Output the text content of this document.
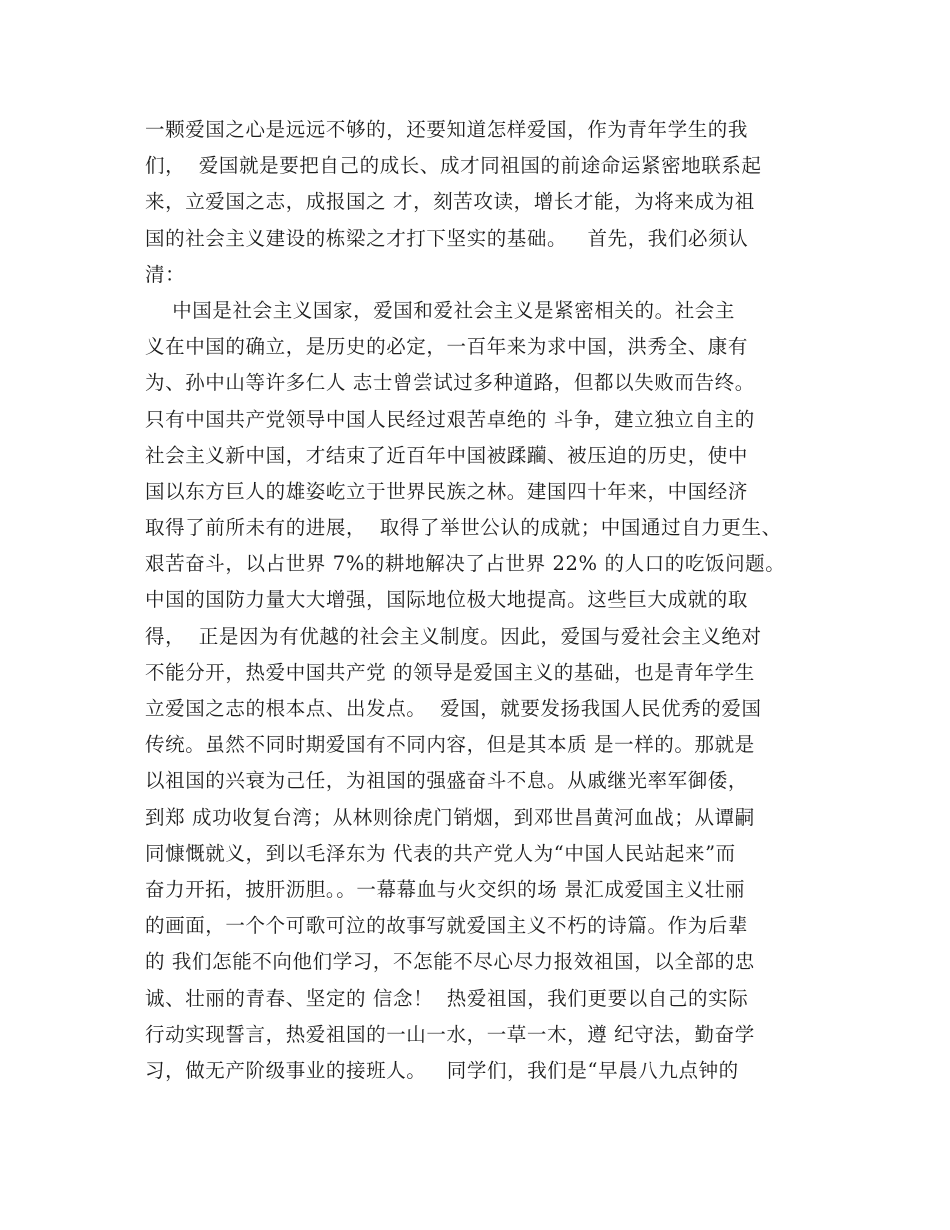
一颗爱国之心是远远不够的，还要知道怎样爱国，作为青年学生的我
们，  爱国就是要把自己的成长、成才同祖国的前途命运紧密地联系起
来，立爱国之志，成报国之 才，刻苦攻读，增长才能，为将来成为祖
国的社会主义建设的栋梁之才打下坚实的基础。   首先，我们必须认
清：
中国是社会主义国家，爱国和爱社会主义是紧密相关的。社会主
义在中国的确立，是历史的必定，一百年来为求中国，洪秀全、康有
为、孙中山等许多仁人 志士曾尝试过多种道路，但都以失败而告终。
只有中国共产党领导中国人民经过艰苦卓绝的 斗争，建立独立自主的
社会主义新中国，才结束了近百年中国被蹂躏、被压迫的历史，使中
国以东方巨人的雄姿屹立于世界民族之林。建国四十年来，中国经济
取得了前所未有的进展，  取得了举世公认的成就；中国通过自力更生、
艰苦奋斗，以占世界 7%的耕地解决了占世界 22% 的人口的吃饭问题。
中国的国防力量大大增强，国际地位极大地提高。这些巨大成就的取
得，  正是因为有优越的社会主义制度。因此，爱国与爱社会主义绝对
不能分开，热爱中国共产党 的领导是爱国主义的基础，也是青年学生
立爱国之志的根本点、出发点。  爱国，就要发扬我国人民优秀的爱国
传统。虽然不同时期爱国有不同内容，但是其本质 是一样的。那就是
以祖国的兴衰为己任，为祖国的强盛奋斗不息。从戚继光率军御倭，
到郑 成功收复台湾；从林则徐虎门销烟，到邓世昌黄河血战；从谭嗣
同慷慨就义，到以毛泽东为 代表的共产党人为“中国人民站起来”而
奋力开拓，披肝沥胆。。一幕幕血与火交织的场 景汇成爱国主义壮丽
的画面，一个个可歌可泣的故事写就爱国主义不朽的诗篇。作为后辈
的 我们怎能不向他们学习，不怎能不尽心尽力报效祖国，以全部的忠
诚、壮丽的青春、坚定的 信念！  热爱祖国，我们更要以自己的实际
行动实现誓言，热爱祖国的一山一水，一草一木，遵 纪守法，勤奋学
习，做无产阶级事业的接班人。   同学们，我们是“早晨八九点钟的
